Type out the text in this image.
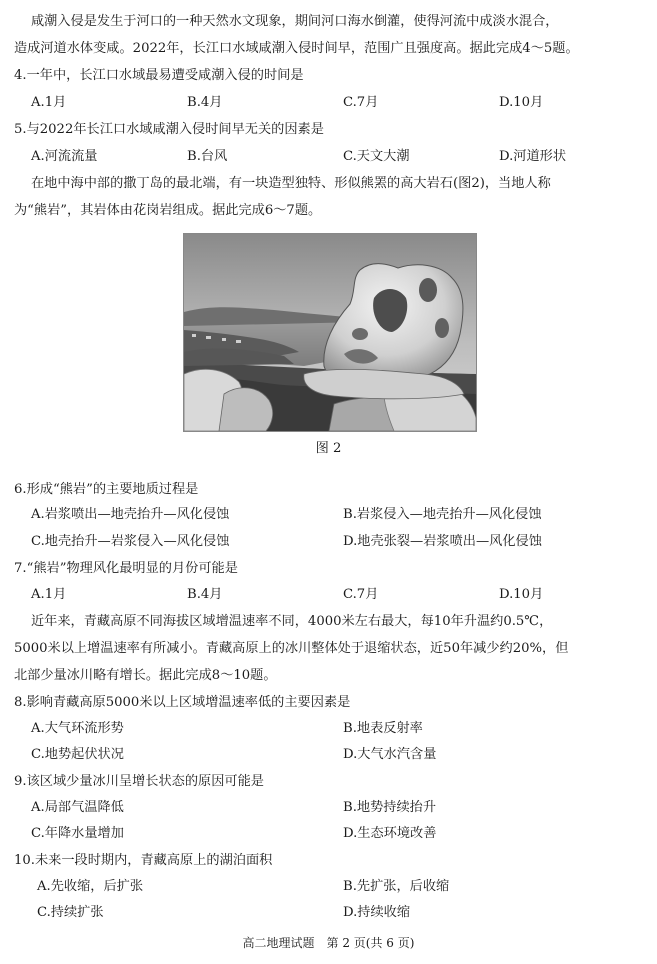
咸潮入侵是发生于河口的一种天然水文现象，期间河口海水倒灌，使得河流中成淡水混合，
造成河道水体变咸。2022年，长江口水域咸潮入侵时间早，范围广且强度高。据此完成4～5题。
4.一年中，长江口水域最易遭受咸潮入侵的时间是
A.1月	B.4月	C.7月	D.10月
5.与2022年长江口水域咸潮入侵时间早无关的因素是
A.河流流量	B.台风	C.天文大潮	D.河道形状
在地中海中部的撒丁岛的最北端，有一块造型独特、形似熊罴的高大岩石(图2)，当地人称
为“熊岩”，其岩体由花岗岩组成。据此完成6～7题。
图 2
6.形成“熊岩”的主要地质过程是
A.岩浆喷出—地壳抬升—风化侵蚀	B.岩浆侵入—地壳抬升—风化侵蚀
C.地壳抬升—岩浆侵入—风化侵蚀	D.地壳张裂—岩浆喷出—风化侵蚀
7.“熊岩”物理风化最明显的月份可能是
A.1月	B.4月	C.7月	D.10月
近年来，青藏高原不同海拔区域增温速率不同，4000米左右最大，每10年升温约0.5℃，
5000米以上增温速率有所减小。青藏高原上的冰川整体处于退缩状态，近50年减少约20%，但
北部少量冰川略有增长。据此完成8～10题。
8.影响青藏高原5000米以上区域增温速率低的主要因素是
A.大气环流形势	B.地表反射率
C.地势起伏状况	D.大气水汽含量
9.该区域少量冰川呈增长状态的原因可能是
A.局部气温降低	B.地势持续抬升
C.年降水量增加	D.生态环境改善
10.未来一段时期内，青藏高原上的湖泊面积
A.先收缩，后扩张	B.先扩张，后收缩
C.持续扩张	D.持续收缩
高二地理试题　第 2 页(共 6 页)
